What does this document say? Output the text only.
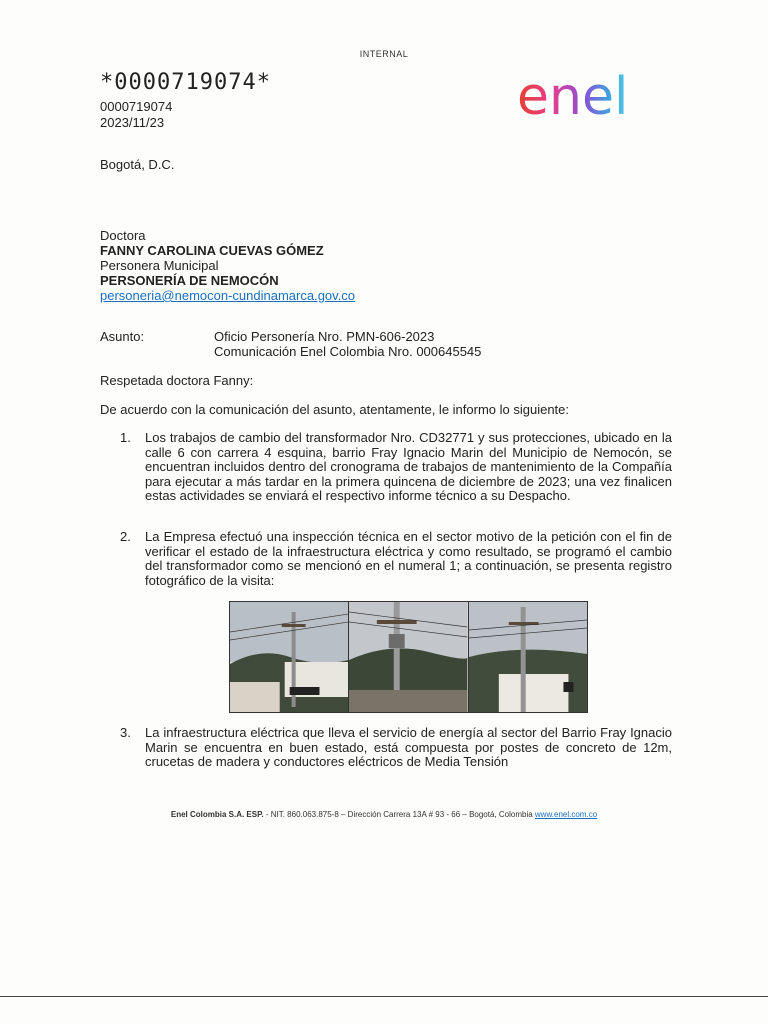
INTERNAL
*0000719074*
0000719074
2023/11/23	enel
Bogotá, D.C.
Doctora
FANNY CAROLINA CUEVAS GÓMEZ
Personera Municipal
PERSONERÍA DE NEMOCÓN
personeria@nemocon-cundinamarca.gov.co
Asunto:	Oficio Personería Nro. PMN-606-2023
Comunicación Enel Colombia Nro. 000645545
Respetada doctora Fanny:
De acuerdo con la comunicación del asunto, atentamente, le informo lo siguiente:
1. Los trabajos de cambio del transformador Nro. CD32771 y sus protecciones, ubicado en la calle 6 con carrera 4 esquina, barrio Fray Ignacio Marin del Municipio de Nemocón, se encuentran incluidos dentro del cronograma de trabajos de mantenimiento de la Compañía para ejecutar a más tardar en la primera quincena de diciembre de 2023; una vez finalicen estas actividades se enviará el respectivo informe técnico a su Despacho.
2. La Empresa efectuó una inspección técnica en el sector motivo de la petición con el fin de verificar el estado de la infraestructura eléctrica y como resultado, se programó el cambio del transformador como se mencionó en el numeral 1; a continuación, se presenta registro fotográfico de la visita:
3. La infraestructura eléctrica que lleva el servicio de energía al sector del Barrio Fray Ignacio Marin se encuentra en buen estado, está compuesta por postes de concreto de 12m, crucetas de madera y conductores eléctricos de Media Tensión
Enel Colombia S.A. ESP. - NIT. 860.063.875-8 – Dirección Carrera 13A # 93 - 66 – Bogotá, Colombia www.enel.com.co
